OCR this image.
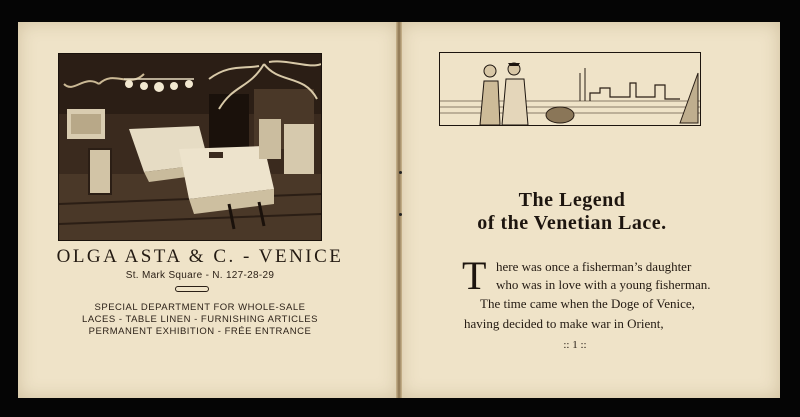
OLGA ASTA & C. - VENICE
St. Mark Square - N. 127-28-29
SPECIAL DEPARTMENT FOR WHOLE-SALE
LACES - TABLE LINEN - FURNISHING ARTICLES
PERMANENT EXHIBITION - FRÉE ENTRANCE
The Legend
of the Venetian Lace.
T here was once a fisherman’s daughter
who was in love with a young fisherman.
The time came when the Doge of Venice,
having decided to make war in Orient,
:: 1 ::
